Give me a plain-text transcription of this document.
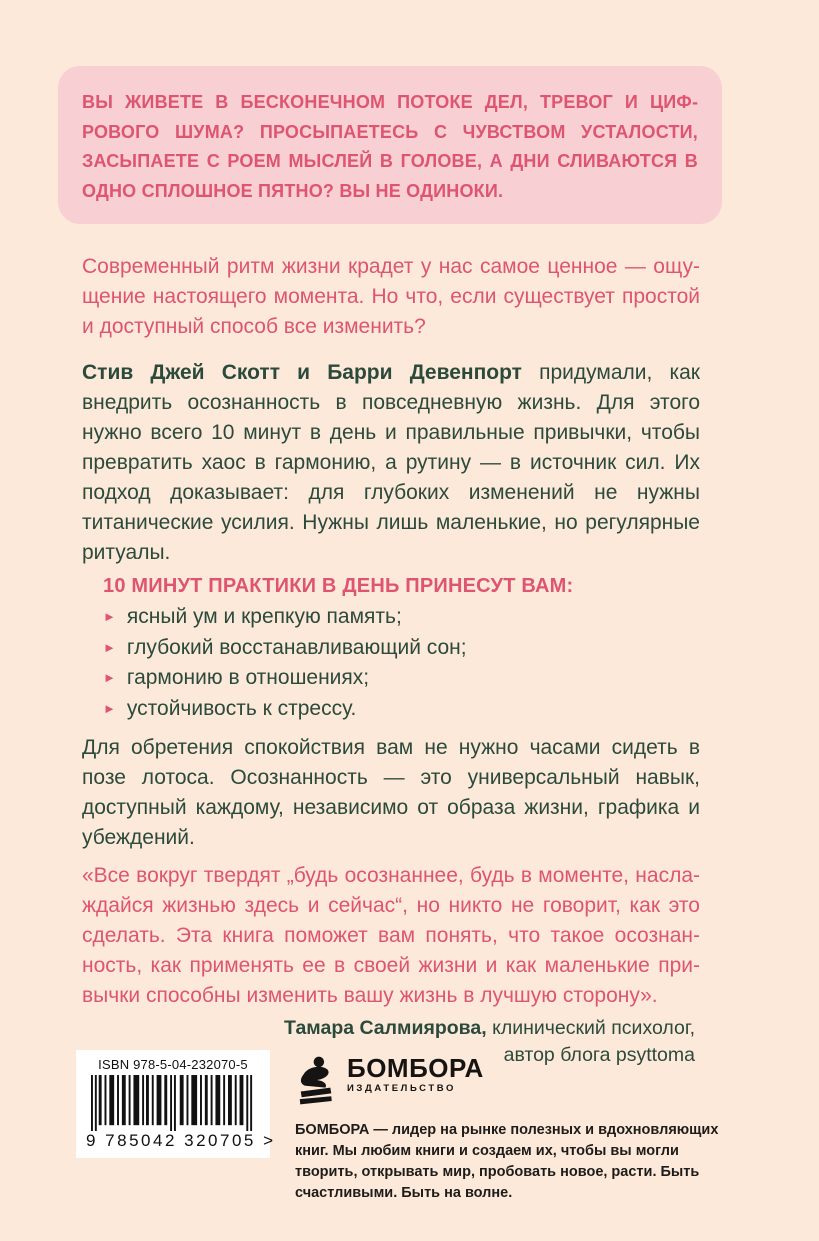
ВЫ ЖИВЕТЕ В БЕСКОНЕЧНОМ ПОТОКЕ ДЕЛ, ТРЕВОГ И ЦИФРОВОГО ШУМА? ПРОСЫПАЕТЕСЬ С ЧУВСТВОМ УСТАЛОСТИ, ЗАСЫПАЕТЕ С РОЕМ МЫСЛЕЙ В ГОЛОВЕ, А ДНИ СЛИВАЮТСЯ В ОДНО СПЛОШНОЕ ПЯТНО? ВЫ НЕ ОДИНОКИ.

Современный ритм жизни крадет у нас самое ценное — ощущение настоящего момента. Но что, если существует простой и доступный способ все изменить?

Стив Джей Скотт и Барри Девенпорт придумали, как внедрить осознанность в повседневную жизнь. Для этого нужно всего 10 минут в день и правильные привычки, чтобы превратить хаос в гармонию, а рутину — в источник сил. Их подход доказывает: для глубоких изменений не нужны титанические усилия. Нужны лишь маленькие, но регулярные ритуалы.

10 МИНУТ ПРАКТИКИ В ДЕНЬ ПРИНЕСУТ ВАМ:
► ясный ум и крепкую память;
► глубокий восстанавливающий сон;
► гармонию в отношениях;
► устойчивость к стрессу.

Для обретения спокойствия вам не нужно часами сидеть в позе лотоса. Осознанность — это универсальный навык, доступный каждому, независимо от образа жизни, графика и убеждений.

«Все вокруг твердят „будь осознаннее, будь в моменте, наслаждайся жизнью здесь и сейчас“, но никто не говорит, как это сделать. Эта книга поможет вам понять, что такое осознанность, как применять ее в своей жизни и как маленькие привычки способны изменить вашу жизнь в лучшую сторону».

Тамара Салмиярова, клинический психолог,
автор блога psyttoma
ISBN 978-5-04-232070-5
9 785042 320705 >
БОМБОРА
ИЗДАТЕЛЬСТВО
БОМБОРА — лидер на рынке полезных и вдохновляющих книг. Мы любим книги и создаем их, чтобы вы могли творить, открывать мир, пробовать новое, расти. Быть счастливыми. Быть на волне.
